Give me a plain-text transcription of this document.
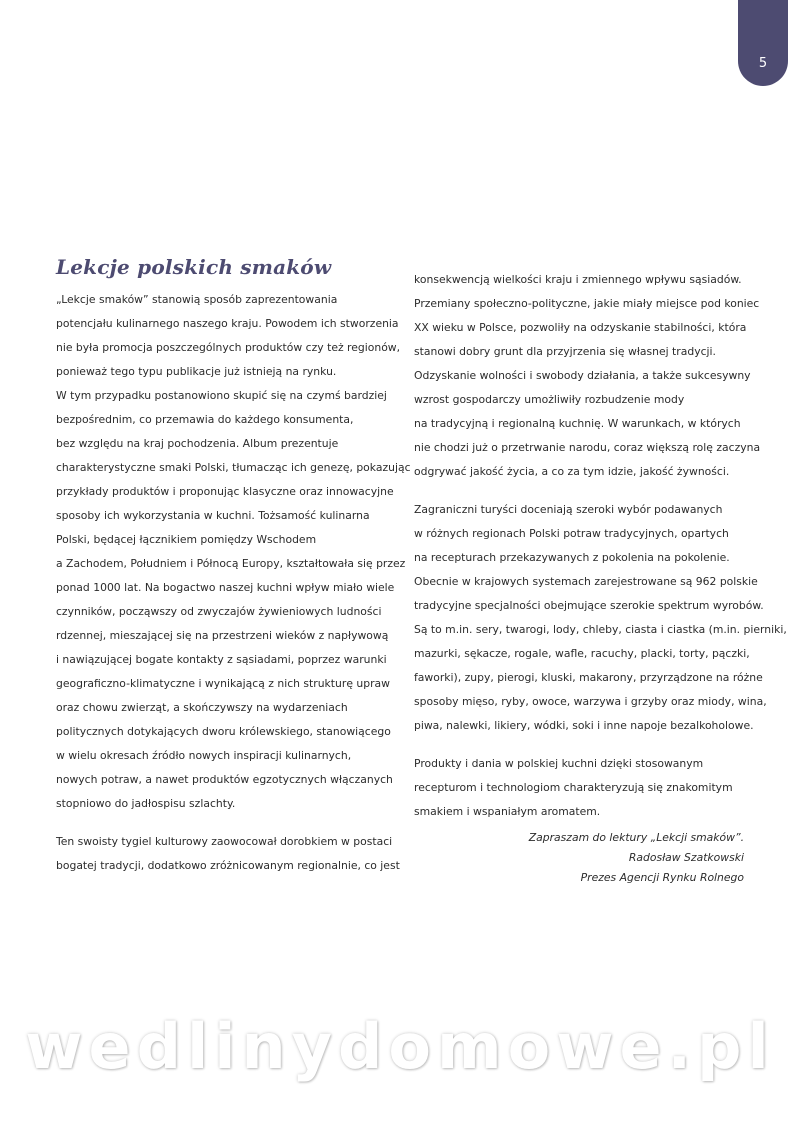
5
Lekcje polskich smaków

„Lekcje smaków” stanowią sposób zaprezentowania
potencjału kulinarnego naszego kraju. Powodem ich stworzenia
nie była promocja poszczególnych produktów czy też regionów,
ponieważ tego typu publikacje już istnieją na rynku.
W tym przypadku postanowiono skupić się na czymś bardziej
bezpośrednim, co przemawia do każdego konsumenta,
bez względu na kraj pochodzenia. Album prezentuje
charakterystyczne smaki Polski, tłumacząc ich genezę, pokazując
przykłady produktów i proponując klasyczne oraz innowacyjne
sposoby ich wykorzystania w kuchni. Tożsamość kulinarna
Polski, będącej łącznikiem pomiędzy Wschodem
a Zachodem, Południem i Północą Europy, kształtowała się przez
ponad 1000 lat. Na bogactwo naszej kuchni wpływ miało wiele
czynników, począwszy od zwyczajów żywieniowych ludności
rdzennej, mieszającej się na przestrzeni wieków z napływową
i nawiązującej bogate kontakty z sąsiadami, poprzez warunki
geograficzno-klimatyczne i wynikającą z nich strukturę upraw
oraz chowu zwierząt, a skończywszy na wydarzeniach
politycznych dotykających dworu królewskiego, stanowiącego
w wielu okresach źródło nowych inspiracji kulinarnych,
nowych potraw, a nawet produktów egzotycznych włączanych
stopniowo do jadłospisu szlachty.

Ten swoisty tygiel kulturowy zaowocował dorobkiem w postaci
bogatej tradycji, dodatkowo zróżnicowanym regionalnie, co jest

konsekwencją wielkości kraju i zmiennego wpływu sąsiadów.
Przemiany społeczno-polityczne, jakie miały miejsce pod koniec
XX wieku w Polsce, pozwoliły na odzyskanie stabilności, która
stanowi dobry grunt dla przyjrzenia się własnej tradycji.
Odzyskanie wolności i swobody działania, a także sukcesywny
wzrost gospodarczy umożliwiły rozbudzenie mody
na tradycyjną i regionalną kuchnię. W warunkach, w których
nie chodzi już o przetrwanie narodu, coraz większą rolę zaczyna
odgrywać jakość życia, a co za tym idzie, jakość żywności.

Zagraniczni turyści doceniają szeroki wybór podawanych
w różnych regionach Polski potraw tradycyjnych, opartych
na recepturach przekazywanych z pokolenia na pokolenie.
Obecnie w krajowych systemach zarejestrowane są 962 polskie
tradycyjne specjalności obejmujące szerokie spektrum wyrobów.
Są to m.in. sery, twarogi, lody, chleby, ciasta i ciastka (m.in. pierniki,
mazurki, sękacze, rogale, wafle, racuchy, placki, torty, pączki,
faworki), zupy, pierogi, kluski, makarony, przyrządzone na różne
sposoby mięso, ryby, owoce, warzywa i grzyby oraz miody, wina,
piwa, nalewki, likiery, wódki, soki i inne napoje bezalkoholowe.

Produkty i dania w polskiej kuchni dzięki stosowanym
recepturom i technologiom charakteryzują się znakomitym
smakiem i wspaniałym aromatem.

Zapraszam do lektury „Lekcji smaków”.
Radosław Szatkowski
Prezes Agencji Rynku Rolnego

wedlinydomowe.pl
